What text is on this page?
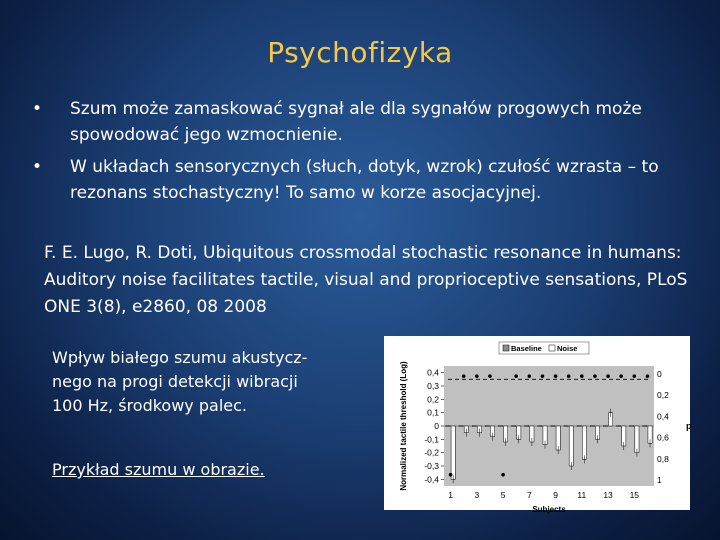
Psychofizyka
• Szum może zamaskować sygnał ale dla sygnałów progowych może spowodować jego wzmocnienie.
• W układach sensorycznych (słuch, dotyk, wzrok) czułość wzrasta – to rezonans stochastyczny! To samo w korze asocjacyjnej.
F. E. Lugo, R. Doti, Ubiquitous crossmodal stochastic resonance in humans: Auditory noise facilitates tactile, visual and proprioceptive sensations, PLoS ONE 3(8), e2860, 08 2008
Wpływ białego szumu akustycz-
nego na progi detekcji wibracji
100 Hz, środkowy palec.
Przykład szumu w obrazie.
Baseline Noise
0,4
0,3
0,2
0,1
0
-0,1
-0,2
-0,3
-0,4
0
0,2
0,4
0,6
0,8
1
Normalized tactile threshold (Log)	p
Subjects
1	3	5	7	9 11 13 15
